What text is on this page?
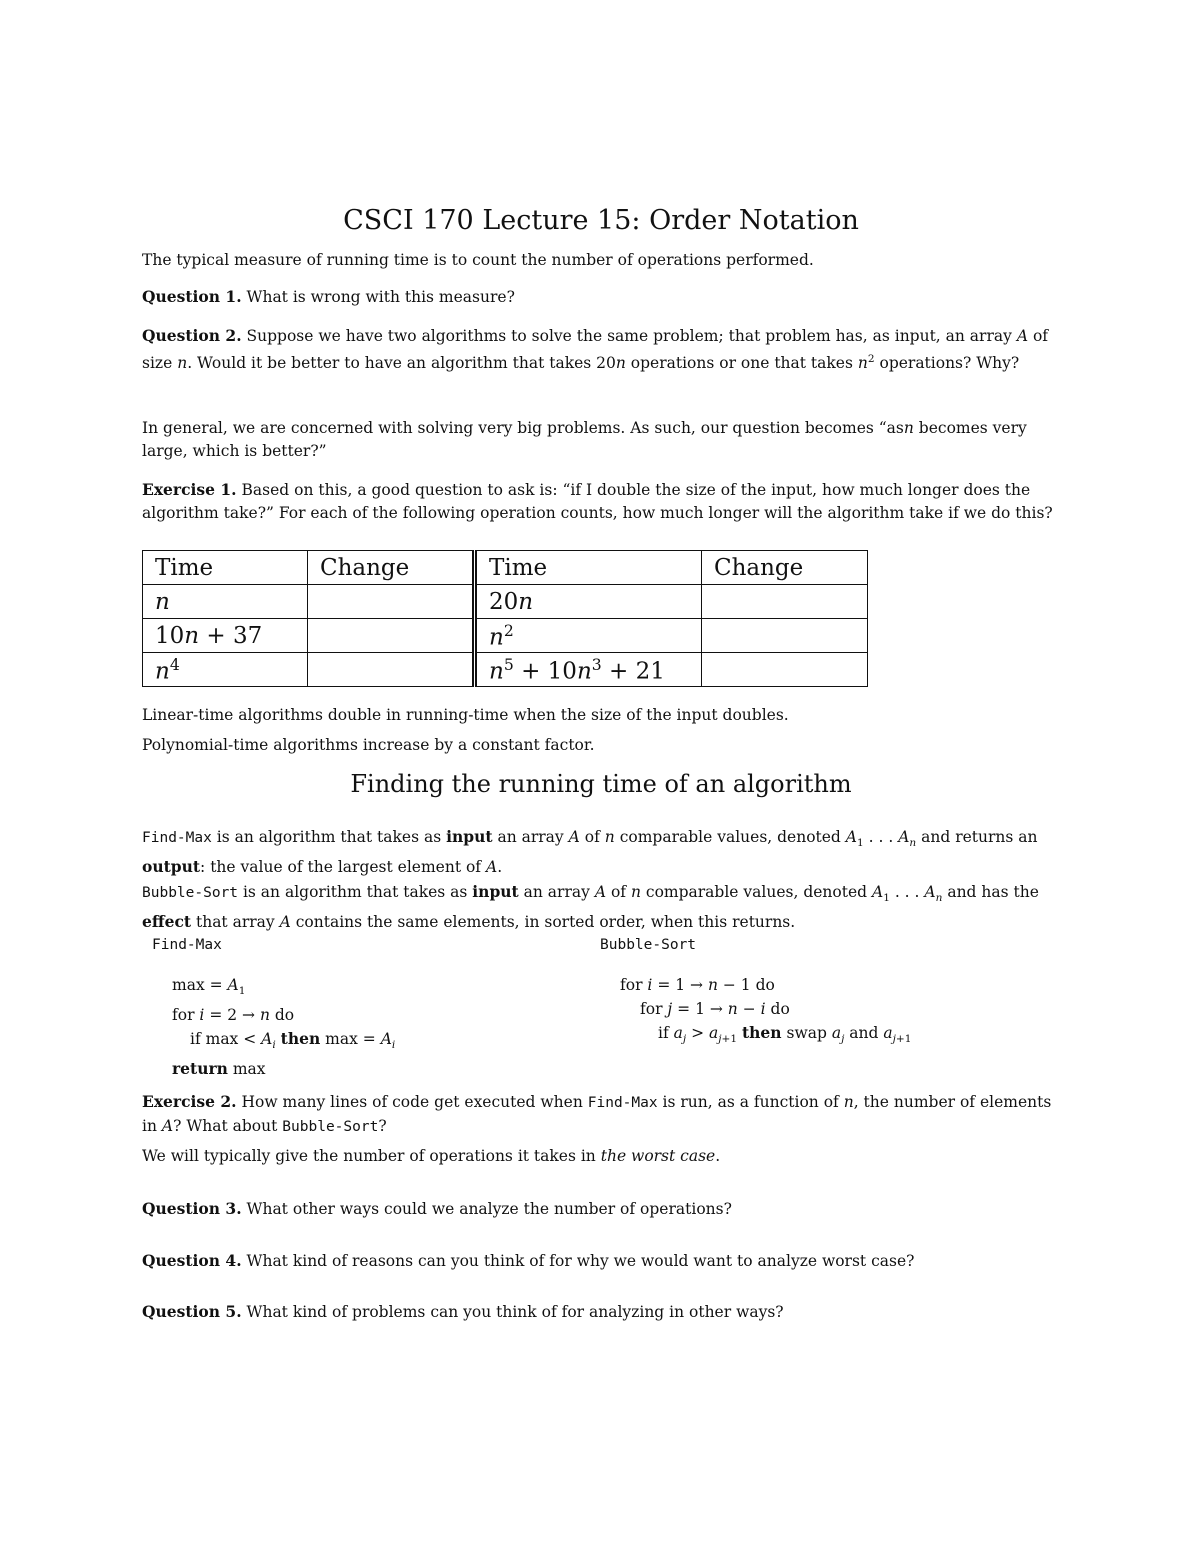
CSCI 170 Lecture 15: Order Notation

The typical measure of running time is to count the number of operations performed.

Question 1. What is wrong with this measure?

Question 2. Suppose we have two algorithms to solve the same problem; that problem has, as input, an array A of size n. Would it be better to have an algorithm that takes 20n operations or one that takes $n^2$ operations? Why?

In general, we are concerned with solving very big problems. As such, our question becomes “asn becomes very large, which is better?”

Exercise 1. Based on this, a good question to ask is: “if I double the size of the input, how much longer does the algorithm take?” For each of the following operation counts, how much longer will the algorithm take if we do this?

Time	Change	Time	Change
n		20n	
10n + 37		$n^2$	
$n^4$		$n^5 + 10n^3 + 21$	

Linear-time algorithms double in running-time when the size of the input doubles.

Polynomial-time algorithms increase by a constant factor.

Finding the running time of an algorithm

Find-Max is an algorithm that takes as input an array A of n comparable values, denoted $A_1$ . . . $A_n$ and returns an output: the value of the largest element of A.

Bubble-Sort is an algorithm that takes as input an array A of n comparable values, denoted $A_1$ . . . $A_n$ and has the effect that array A contains the same elements, in sorted order, when this returns.

Find-Max
$\max = A_1$
for i = 2 → n do
if $\max < A_i$ then $\max = A_i$
return max
Bubble-Sort
for i = 1 → n − 1 do
for j = 1 → n − i do
if $a_j > a_{j+1}$ then swap $a_j$ and $a_{j+1}$

Exercise 2. How many lines of code get executed when Find-Max is run, as a function of n, the number of elements in A? What about Bubble-Sort?

We will typically give the number of operations it takes in the worst case.

Question 3. What other ways could we analyze the number of operations?

Question 4. What kind of reasons can you think of for why we would want to analyze worst case?

Question 5. What kind of problems can you think of for analyzing in other ways?
